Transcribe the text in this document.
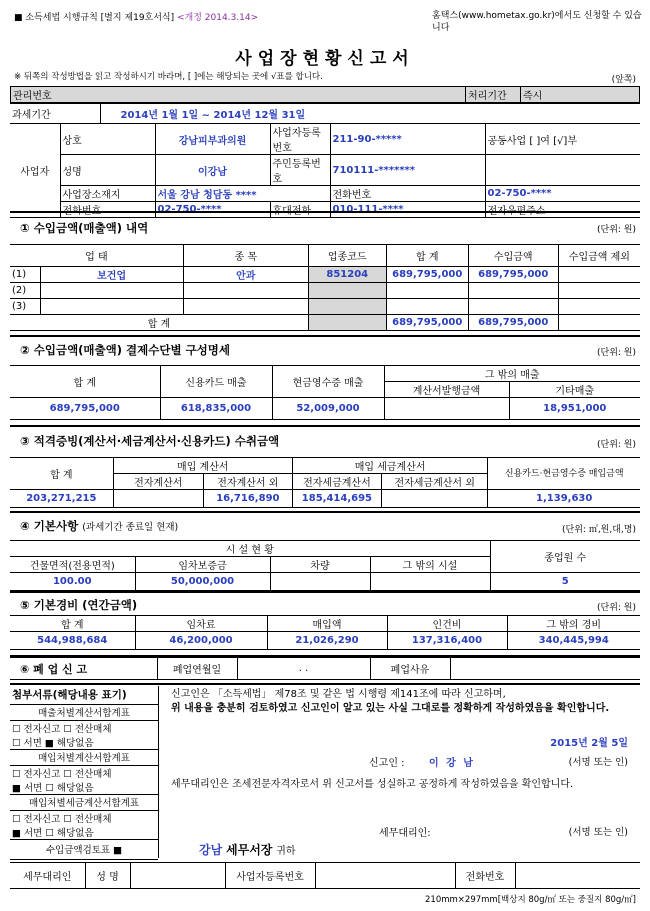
■ 소득세법 시행규칙 [별지 제19호서식] <개정 2014.3.14>	홈택스(www.hometax.go.kr)에서도 신청할 수 있습니다
사업장현황신고서
※ 뒤쪽의 작성방법을 읽고 작성하시기 바라며, [ ]에는 해당되는 곳에 √표를 합니다.	(앞쪽)
관리번호	처리기간	즉시
과세기간	2014년 1월 1일 ~ 2014년 12월 31일
사업자	상호	강남피부과의원	사업자등록번호	211-90-*****	공동사업 [ ]여 [√]부
	성명	이강남	주민등록번호	710111-*******	
	사업장소재지	서울 강남 청담동 ****		전화번호	02-750-****
	전화번호	02-750-****	휴대전화	010-111-****	전자우편주소
① 수입금액(매출액) 내역	(단위: 원)
업 태		종 목	업종코드	합 계	수입금액	수입금액 제외
(1)	보건업	안과	851204	689,795,000	689,795,000	
(2)						
(3)						
합 계				689,795,000	689,795,000	
② 수입금액(매출액) 결제수단별 구성명세	(단위: 원)
합 계	신용카드 매출	현금영수증 매출	그 밖의 매출	
			계산서발행금액	기타매출
689,795,000	618,835,000	52,009,000		18,951,000
③ 적격증빙(계산서·세금계산서·신용카드) 수취금액	(단위: 원)
합 계	매입 계산서		매입 세금계산서		신용카드·현금영수증 매입금액
	전자계산서	전자계산서 외	전자세금계산서	전자세금계산서 외	
203,271,215		16,716,890	185,414,695		1,139,630
④ 기본사항 (과세기간 종료일 현재)	(단위: ㎡,원,대,명)
시 설 현 황				종업원 수
건물면적(전용면적)	임차보증금	차량	그 밖의 시설	
100.00	50,000,000			5
⑤ 기본경비 (연간금액)	(단위: 원)
합 계	임차료	매입액	인건비	그 밖의 경비
544,988,684	46,200,000	21,026,290	137,316,400	340,445,994
⑥ 폐 업 신 고	폐업연월일	. .	폐업사유	
첨부서류(해당내용 표기)
매출처별계산서합계표
☐ 전자신고 ☐ 전산매체
☐ 서면 ■ 해당없음
매입처별계산서합계표
☐ 전자신고 ☐ 전산매체
■ 서면 ☐ 해당없음
매입처별세금계산서합계표
☐ 전자신고 ☐ 전산매체
■ 서면 ☐ 해당없음
수입금액검토표 ■
신고인은 「소득세법」 제78조 및 같은 법 시행령 제141조에 따라 신고하며,
위 내용을 충분히 검토하였고 신고인이 알고 있는 사실 그대로를 정확하게 작성하였음을 확인합니다.
2015년 2월 5일
신고인 : 이 강 남	(서명 또는 인)
세무대리인은 조세전문자격자로서 위 신고서를 성실하고 공정하게 작성하였음을 확인합니다.
세무대리인:	(서명 또는 인)
강남 세무서장 귀하
세무대리인	성 명		사업자등록번호		전화번호	
210mm×297mm[백상지 80g/㎡ 또는 중질지 80g/㎡]
